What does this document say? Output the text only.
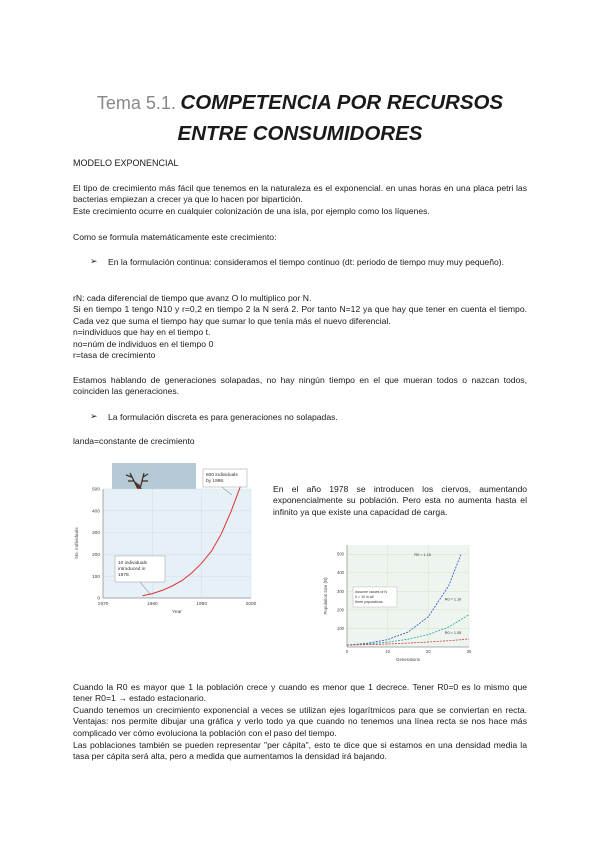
Tema 5.1. COMPETENCIA POR RECURSOS
ENTRE CONSUMIDORES
MODELO EXPONENCIAL
El tipo de crecimiento más fácil que tenemos en la naturaleza es el exponencial. en unas horas en una placa petri las bacterias empiezan a crecer ya que lo hacen por bipartición.
Este crecimiento ocurre en cualquier colonización de una isla, por ejemplo como los líquenes.
Como se formula matemáticamente este crecimiento:
➢ En la formulación continua: consideramos el tiempo continuo (dt: periodo de tiempo muy muy pequeño).
rN: cada diferencial de tiempo que avanz O lo multiplico por N.
Si en tiempo 1 tengo N10 y r=0,2 en tiempo 2 la N será 2. Por tanto N=12 ya que hay que tener en cuenta el tiempo. Cada vez que suma el tiempo hay que sumar lo que tenía más el nuevo diferencial.
n=individuos que hay en el tiempo t.
no=núm de individuos en el tiempo 0
r=tasa de crecimiento
Estamos hablando de generaciones solapadas, no hay ningún tiempo en el que mueran todos o nazcan todos, coinciden las generaciones.
➢ La formulación discreta es para generaciones no solapadas.
landa=constante de crecimiento
0
100
200
300
400
500
1970	1980	1990	2000
10 individuals
introduced in
1978.
600 individuals
by 1998.
No. individuals
Year
En el año 1978 se introducen los ciervos, aumentando exponencialmente su población. Pero esta no aumenta hasta el infinito ya que existe una capacidad de carga.
100
200
300
400
500
0	10	20	30
Assume values of N
0 = 10 in all
three populations.
R0 = 1.15
R0 = 1.10
R0 = 1.05
Population size (N)
Generations
Cuando la R0 es mayor que 1 la población crece y cuando es menor que 1 decrece. Tener R0=0 es lo mismo que tener R0=1 → estado estacionario.
Cuando tenemos un crecimiento exponencial a veces se utilizan ejes logarítmicos para que se conviertan en recta. Ventajas: nos permite dibujar una gráfica y verlo todo ya que cuando no tenemos una línea recta se nos hace más complicado ver cómo evoluciona la población con el paso del tiempo.
Las poblaciones también se pueden representar "per cápita", esto te dice que si estamos en una densidad media la tasa per cápita será alta, pero a medida que aumentamos la densidad irá bajando.
